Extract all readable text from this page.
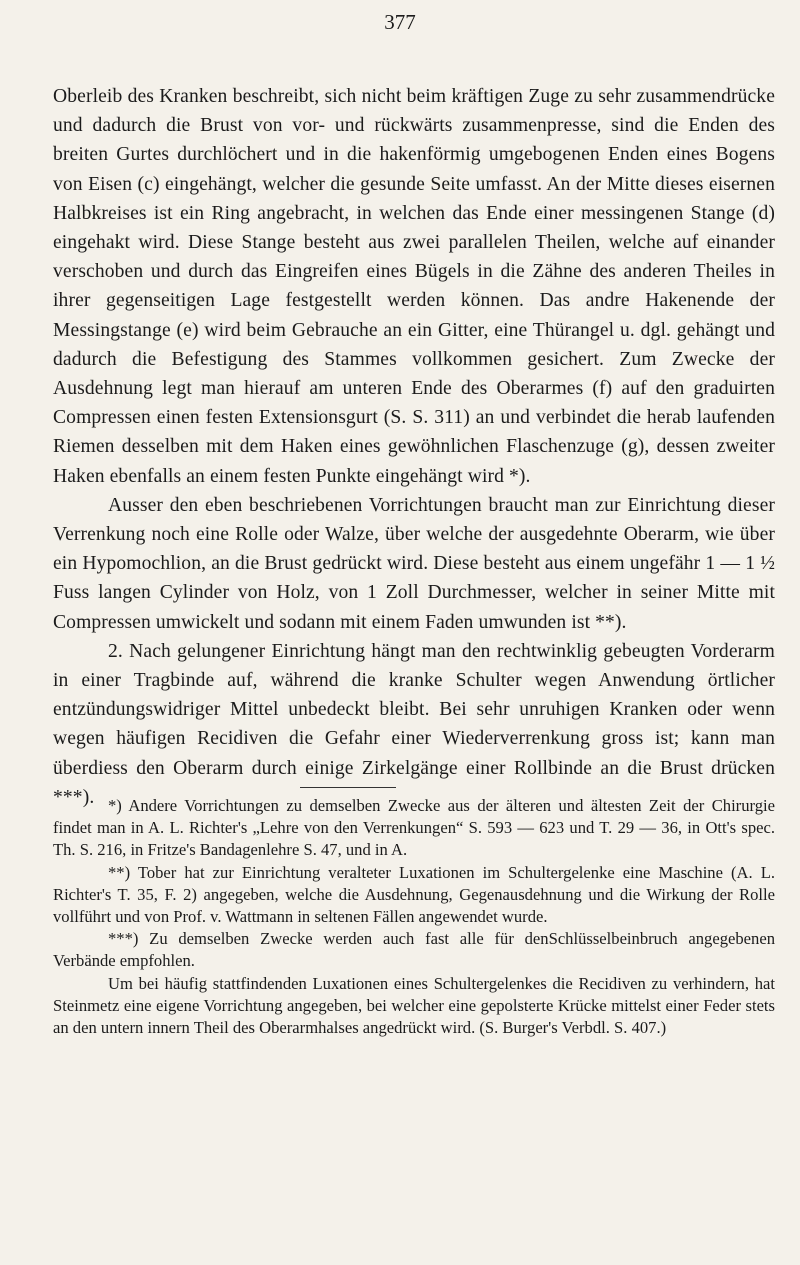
377

Oberleib des Kranken beschreibt, sich nicht beim kräftigen Zuge zu sehr zusammendrücke und dadurch die Brust von vor- und rückwärts zusammenpresse, sind die Enden des breiten Gurtes durchlöchert und in die hakenförmig umgebogenen Enden eines Bogens von Eisen (c) eingehängt, welcher die gesunde Seite umfasst. An der Mitte dieses eisernen Halbkreises ist ein Ring angebracht, in welchen das Ende einer messingenen Stange (d) eingehakt wird. Diese Stange besteht aus zwei parallelen Theilen, welche auf einander verschoben und durch das Eingreifen eines Bügels in die Zähne des anderen Theiles in ihrer gegenseitigen Lage festgestellt werden können. Das andre Hakenende der Messingstange (e) wird beim Gebrauche an ein Gitter, eine Thürangel u. dgl. gehängt und dadurch die Befestigung des Stammes vollkommen gesichert. Zum Zwecke der Ausdehnung legt man hierauf am unteren Ende des Oberarmes (f) auf den graduirten Compressen einen festen Extensionsgurt (S. S. 311) an und verbindet die herab laufenden Riemen desselben mit dem Haken eines gewöhnlichen Flaschenzuge (g), dessen zweiter Haken ebenfalls an einem festen Punkte eingehängt wird *).

Ausser den eben beschriebenen Vorrichtungen braucht man zur Einrichtung dieser Verrenkung noch eine Rolle oder Walze, über welche der ausgedehnte Oberarm, wie über ein Hypomochlion, an die Brust gedrückt wird. Diese besteht aus einem ungefähr 1 — 1 ½ Fuss langen Cylinder von Holz, von 1 Zoll Durchmesser, welcher in seiner Mitte mit Compressen umwickelt und sodann mit einem Faden umwunden ist **).

2. Nach gelungener Einrichtung hängt man den rechtwinklig gebeugten Vorderarm in einer Tragbinde auf, während die kranke Schulter wegen Anwendung örtlicher entzündungswidriger Mittel unbedeckt bleibt. Bei sehr unruhigen Kranken oder wenn wegen häufigen Recidiven die Gefahr einer Wiederverrenkung gross ist; kann man überdiess den Oberarm durch einige Zirkelgänge einer Rollbinde an die Brust drücken ***). *) Andere Vorrichtungen zu demselben Zwecke aus der älteren und ältesten Zeit der Chirurgie findet man in A. L. Richter's „Lehre von den Verrenkungen“ S. 593 — 623 und T. 29 — 36, in Ott's spec. Th. S. 216, in Fritze's Bandagenlehre S. 47, und in A.

**) Tober hat zur Einrichtung veralteter Luxationen im Schultergelenke eine Maschine (A. L. Richter's T. 35, F. 2) angegeben, welche die Ausdehnung, Gegenausdehnung und die Wirkung der Rolle vollführt und von Prof. v. Wattmann in seltenen Fällen angewendet wurde.

***) Zu demselben Zwecke werden auch fast alle für denSchlüsselbeinbruch angegebenen Verbände empfohlen.

Um bei häufig stattfindenden Luxationen eines Schultergelenkes die Recidiven zu verhindern, hat Steinmetz eine eigene Vorrichtung angegeben, bei welcher eine gepolsterte Krücke mittelst einer Feder stets an den untern innern Theil des Oberarmhalses angedrückt wird. (S. Burger's Verbdl. S. 407.)
